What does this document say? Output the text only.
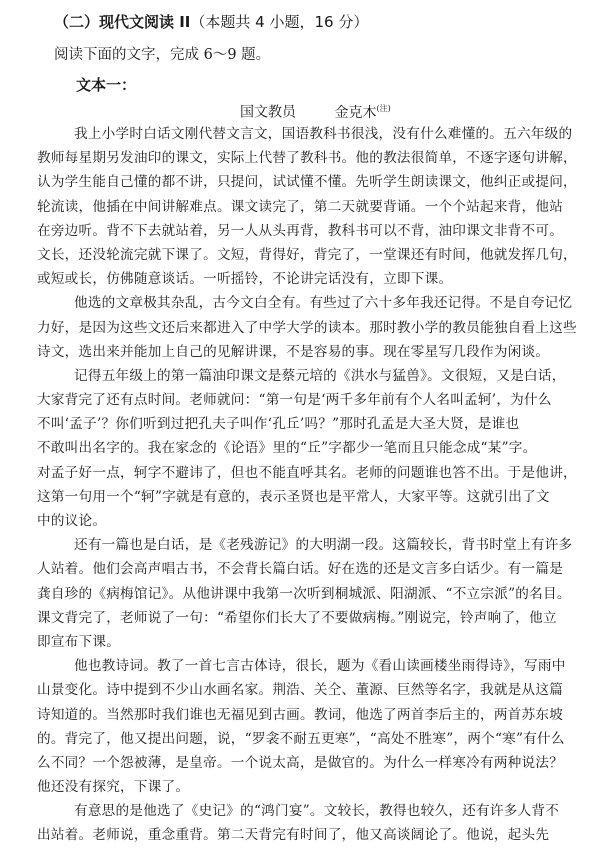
（二）现代文阅读 II（本题共 4 小题，16 分）
阅读下面的文字，完成 6～9 题。
文本一：
国文教员	金克木$^{(注)}$
我上小学时白话文刚代替文言文，国语教科书很浅，没有什么难懂的。五六年级的
教师每星期另发油印的课文，实际上代替了教科书。他的教法很简单，不逐字逐句讲解，
认为学生能自己懂的都不讲，只提问，试试懂不懂。先听学生朗读课文，他纠正或提问，
轮流读，他插在中间讲解难点。课文读完了，第二天就要背诵。一个个站起来背，他站
在旁边听。背不下去就站着，另一人从头再背，教科书可以不背，油印课文非背不可。
文长，还没轮流完就下课了。文短，背得好，背完了，一堂课还有时间，他就发挥几句，
或短或长，仿佛随意谈话。一听摇铃，不论讲完话没有，立即下课。
他选的文章极其杂乱，古今文白全有。有些过了六十多年我还记得。不是自夸记忆
力好，是因为这些文还后来都进入了中学大学的读本。那时教小学的教员能独自看上这些
诗文，选出来并能加上自己的见解讲课，不是容易的事。现在零星写几段作为闲谈。
记得五年级上的第一篇油印课文是蔡元培的《洪水与猛兽》。文很短，又是白话，
大家背完了还有点时间。老师就问：“第一句是‘两千多年前有个人名叫孟轲’，为什么
不叫‘孟子’？你们听到过把孔夫子叫作‘孔丘’吗？”那时孔孟是大圣大贤，是谁也
不敢叫出名字的。我在家念的《论语》里的“丘”字都少一笔而且只能念成“某”字。
对孟子好一点，轲字不避讳了，但也不能直呼其名。老师的问题谁也答不出。于是他讲，
这第一句用一个“轲”字就是有意的，表示圣贤也是平常人，大家平等。这就引出了文
中的议论。
还有一篇也是白话，是《老残游记》的大明湖一段。这篇较长，背书时堂上有许多
人站着。他们会高声唱古书，不会背长篇白话。好在选的还是文言多白话少。有一篇是
龚自珍的《病梅馆记》。从他讲课中我第一次听到桐城派、阳湖派、“不立宗派”的名目。
课文背完了，老师说了一句：“希望你们长大了不要做病梅。”刚说完，铃声响了，他立
即宣布下课。
他也教诗词。教了一首七言古体诗，很长，题为《看山读画楼坐雨得诗》，写雨中
山景变化。诗中提到不少山水画名家。荆浩、关仝、董源、巨然等名字，我就是从这篇
诗知道的。当然那时我们谁也无福见到古画。教词，他选了两首李后主的，两首苏东坡
的。背完了，他又提出问题，说，“罗衾不耐五更寒”，“高处不胜寒”，两个“寒”有什么
么不同？一个怨被薄，是皇帝。一个说太高，是做官的。为什么一样寒冷有两种说法？
他还没有探究，下课了。
有意思的是他选了《史记》的“鸿门宴”。文较长，教得也较久，还有许多人背不
出站着。老师说，重念重背。第二天背完有时间了，他又高谈阔论了。他说，起头先
